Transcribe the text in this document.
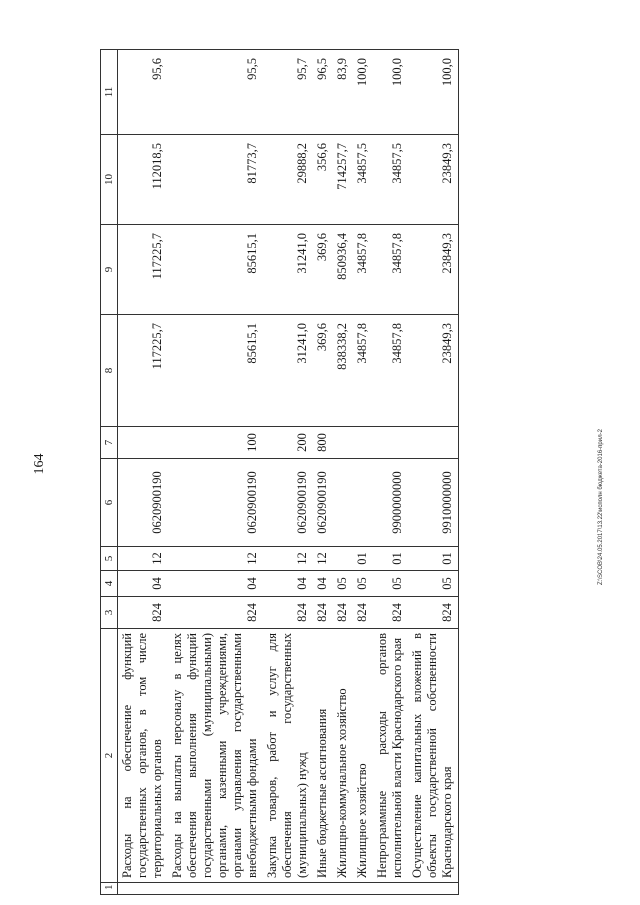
164
1	2	3	4	5	6	7	8	9	10	11
	Расходы на обеспечение функций государственных органов, в том числе территориальных органов	824	04	12	0620900190		117225,7	117225,7	112018,5	95,6
	Расходы на выплаты персоналу в целях обеспечения выполнения функций государственными (муниципальными) органами, казенными учреждениями, органами управления государственными внебюджетными фондами	824	04	12	0620900190	100	85615,1	85615,1	81773,7	95,5
	Закупка товаров, работ и услуг для обеспечения государственных (муниципальных) нужд	824	04	12	0620900190	200	31241,0	31241,0	29888,2	95,7
	Иные бюджетные ассигнования	824	04	12	0620900190	800	369,6	369,6	356,6	96,5
	Жилищно-коммунальное хозяйство	824	05				838338,2	850936,4	714257,7	83,9
	Жилищное хозяйство	824	05	01			34857,8	34857,8	34857,5	100,0
	Непрограммные расходы органов исполнительной власти Краснодарского края	824	05	01	9900000000		34857,8	34857,8	34857,5	100,0
	Осуществление капитальных вложений в объекты государственной собственности Краснодарского края	824	05	01	9910000000		23849,3	23849,3	23849,3	100,0
Z:\SCOB\24.05.2017\13.22\исполн бюджета-2016-прил-2
